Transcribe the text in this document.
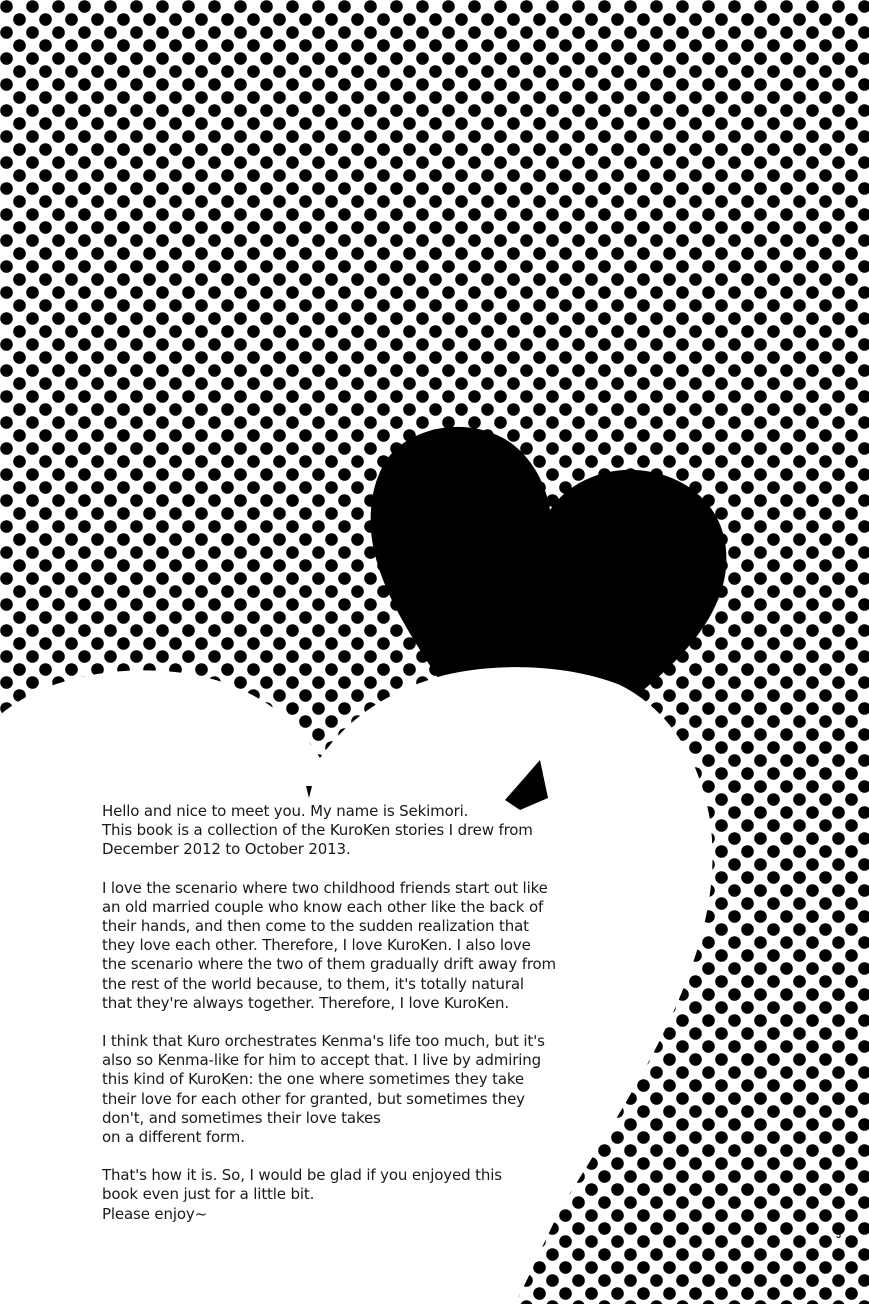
Hello and nice to meet you. My name is Sekimori.
This book is a collection of the KuroKen stories I drew from
December 2012 to October 2013.

I love the scenario where two childhood friends start out like
an old married couple who know each other like the back of
their hands, and then come to the sudden realization that
they love each other. Therefore, I love KuroKen. I also love
the scenario where the two of them gradually drift away from
the rest of the world because, to them, it's totally natural
that they're always together. Therefore, I love KuroKen.

I think that Kuro orchestrates Kenma's life too much, but it's
also so Kenma-like for him to accept that. I live by admiring
this kind of KuroKen: the one where sometimes they take
their love for each other for granted, but sometimes they
don't, and sometimes their love takes
on a different form.

That's how it is. So, I would be glad if you enjoyed this
book even just for a little bit.
Please enjoy~

5
